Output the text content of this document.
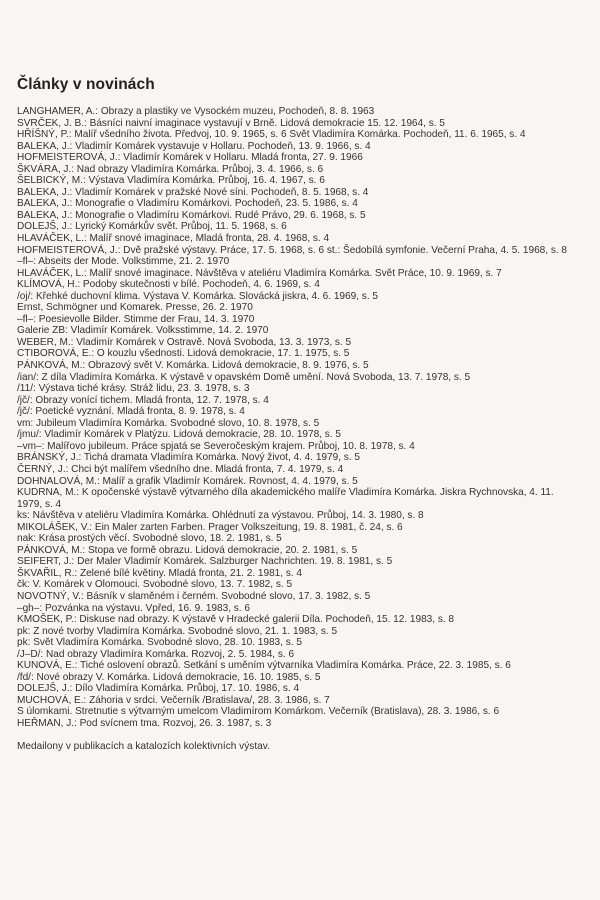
Články v novinách
LANGHAMER, A.: Obrazy a plastiky ve Vysockém muzeu, Pochodeň, 8. 8. 1963
SVRČEK, J. B.: Básníci naivní imaginace vystavují v Brně. Lidová demokracie 15. 12. 1964, s. 5
HŘÍŠNÝ, P.: Malíř všedního života. Předvoj, 10. 9. 1965, s. 6 Svět Vladimíra Komárka. Pochodeň, 11. 6. 1965, s. 4
BALEKA, J.: Vladimír Komárek vystavuje v Hollaru. Pochodeň, 13. 9. 1966, s. 4
HOFMEISTEROVÁ, J.: Vladimír Komárek v Hollaru. Mladá fronta, 27. 9. 1966
ŠKVÁRA, J.: Nad obrazy Vladimíra Komárka. Průboj, 3. 4. 1966, s. 6
ŠELBICKÝ, M.: Výstava Vladimíra Komárka. Průboj, 16. 4. 1967, s. 6
BALEKA, J.: Vladimír Komárek v pražské Nové síni. Pochodeň, 8. 5. 1968, s. 4
BALEKA, J.: Monografie o Vladimíru Komárkovi. Pochodeň, 23. 5. 1986, s. 4
BALEKA, J.: Monografie o Vladimíru Komárkovi. Rudé Právo, 29. 6. 1968, s. 5
DOLEJŠ, J.: Lyrický Komárkův svět. Průboj, 11. 5. 1968, s. 6
HLAVÁČEK, L.: Malíř snové imaginace, Mladá fronta, 28. 4. 1968, s. 4
HOFMEISTEROVÁ, J.: Dvě pražské výstavy. Práce, 17. 5. 1968, s. 6 st.: Šedobílá symfonie. Večerní Praha, 4. 5. 1968, s. 8
–fl–: Abseits der Mode. Volkstimme, 21. 2. 1970
HLAVÁČEK, L.: Malíř snové imaginace. Návštěva v ateliéru Vladimíra Komárka. Svět Práce, 10. 9. 1969, s. 7
KLÍMOVÁ, H.: Podoby skutečnosti v bílé. Pochodeň, 4. 6. 1969, s. 4
/oj/: Křehké duchovní klima. Výstava V. Komárka. Slovácká jiskra, 4. 6. 1969, s. 5
Ernst, Schmögner und Komarek. Presse, 26. 2. 1970
–fl–: Poesievolle Bilder. Stimme der Frau, 14. 3. 1970
Galerie ZB: Vladimír Komárek. Volksstimme, 14. 2. 1970
WEBER, M.: Vladimír Komárek v Ostravě. Nová Svoboda, 13. 3. 1973, s. 5
CTIBOROVÁ, E.: O kouzlu všednosti. Lidová demokracie, 17. 1. 1975, s. 5
PÁNKOVÁ, M.: Obrazový svět V. Komárka. Lidová demokracie, 8. 9. 1976, s. 5
/ian/: Z díla Vladimíra Komárka. K výstavě v opavském Domě umění. Nová Svoboda, 13. 7. 1978, s. 5
/11/: Výstava tiché krásy. Stráž lidu, 23. 3. 1978, s. 3
/jč/: Obrazy vonící tichem. Mladá fronta, 12. 7. 1978, s. 4
/jč/: Poetické vyznání. Mladá fronta, 8. 9. 1978, s. 4
vm: Jubileum Vladimíra Komárka. Svobodné slovo, 10. 8. 1978, s. 5
/jmu/: Vladimír Komárek v Platýzu. Lidová demokracie, 28. 10. 1978, s. 5
–vm–: Malířovo jubileum. Práce spjatá se Severočeským krajem. Průboj, 10. 8. 1978, s. 4
BRÁNSKÝ, J.: Tichá dramata Vladimíra Komárka. Nový život, 4. 4. 1979, s. 5
ČERNÝ, J.: Chci být malířem všedního dne. Mladá fronta, 7. 4. 1979, s. 4
DOHNALOVÁ, M.: Malíř a grafik Vladimír Komárek. Rovnost, 4. 4. 1979, s. 5
KUDRNA, M.: K opočenské výstavě výtvarného díla akademického malíře Vladimíra Komárka. Jiskra Rychnovska, 4. 11. 1979, s. 4
ks: Návštěva v ateliéru Vladimíra Komárka. Ohlédnutí za výstavou. Průboj, 14. 3. 1980, s. 8
MIKOLÁŠEK, V.: Ein Maler zarten Farben. Prager Volkszeitung, 19. 8. 1981, č. 24, s. 6
nak: Krása prostých věcí. Svobodné slovo, 18. 2. 1981, s. 5
PÁNKOVÁ, M.: Stopa ve formě obrazu. Lidová demokracie, 20. 2. 1981, s. 5
SEIFERT, J.: Der Maler Vladimír Komárek. Salzburger Nachrichten. 19. 8. 1981, s. 5
ŠKVAŘIL, R.: Zelené bílé květiny. Mladá fronta, 21. 2. 1981, s. 4
čk: V. Komárek v Olomouci. Svobodné slovo, 13. 7. 1982, s. 5
NOVOTNÝ, V.: Básník v slaměném i černém. Svobodné slovo, 17. 3. 1982, s. 5
–gh–: Pozvánka na výstavu. Vpřed, 16. 9. 1983, s. 6
KMOŠEK, P.: Diskuse nad obrazy. K výstavě v Hradecké galerii Díla. Pochodeň, 15. 12. 1983, s. 8
pk: Z nové tvorby Vladimíra Komárka. Svobodné slovo, 21. 1. 1983, s. 5
pk: Svět Vladimíra Komárka. Svobodné slovo, 28. 10. 1983, s. 5
/J–D/: Nad obrazy Vladimíra Komárka. Rozvoj, 2. 5. 1984, s. 6
KUNOVÁ, E.: Tiché oslovení obrazů. Setkání s uměním výtvarníka Vladimíra Komárka. Práce, 22. 3. 1985, s. 6
/fd/: Nové obrazy V. Komárka. Lidová demokracie, 16. 10. 1985, s. 5
DOLEJŠ, J.: Dílo Vladimíra Komárka. Průboj, 17. 10. 1986, s. 4
MUCHOVÁ, E.: Záhoria v srdci. Večerník /Bratislava/, 28. 3. 1986, s. 7
S úlomkami. Stretnutie s výtvarným umelcom Vladimírom Komárkom. Večerník (Bratislava), 28. 3. 1986, s. 6
HEŘMAN, J.: Pod svícnem tma. Rozvoj, 26. 3. 1987, s. 3

Medailony v publikacích a katalozích kolektivních výstav.
